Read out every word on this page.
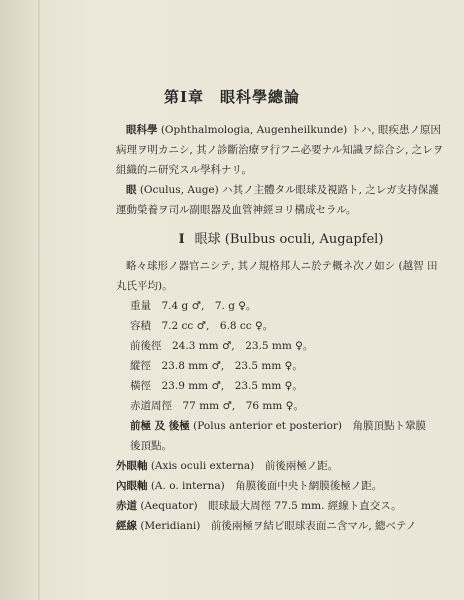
第Ⅰ章　眼科學總論
眼科學 (Ophthalmologia, Augenheilkunde) トハ, 眼疾患ノ原因
病理ヲ明カニシ, 其ノ診斷治療ヲ行フニ必要ナル知識ヲ綜合シ, 之レヲ
組織的ニ研究スル學科ナリ。
眼 (Oculus, Auge) ハ其ノ主體タル眼球及視路ト, 之レガ支持保護
運動榮養ヲ司ル副眼器及血管神經ヨリ構成セラル。
I 眼球 (Bulbus oculi, Augapfel)
略々球形ノ器官ニシテ, 其ノ規格邦人ニ於テ概ネ次ノ如シ (越智 田
丸氏平均)。
重量　7.4 g ♂,　7. g ♀。
容積　7.2 cc ♂,　6.8 cc ♀。
前後徑　24.3 mm ♂,　23.5 mm ♀。
縱徑　23.8 mm ♂,　23.5 mm ♀。
橫徑　23.9 mm ♂,　23.5 mm ♀。
赤道周徑　77 mm ♂,　76 mm ♀。
前極 及 後極 (Polus anterior et posterior)　角膜頂點ト鞏膜
後頂點。
外眼軸 (Axis oculi externa)　前後兩極ノ距。
內眼軸 (A. o. interna)　角膜後面中央ト網膜後極ノ距。
赤道 (Aequator)　眼球最大周徑 77.5 mm. 經線ト直交ス。
經線 (Meridiani)　前後兩極ヲ結ビ眼球表面ニ含マル, 總ベテノ
